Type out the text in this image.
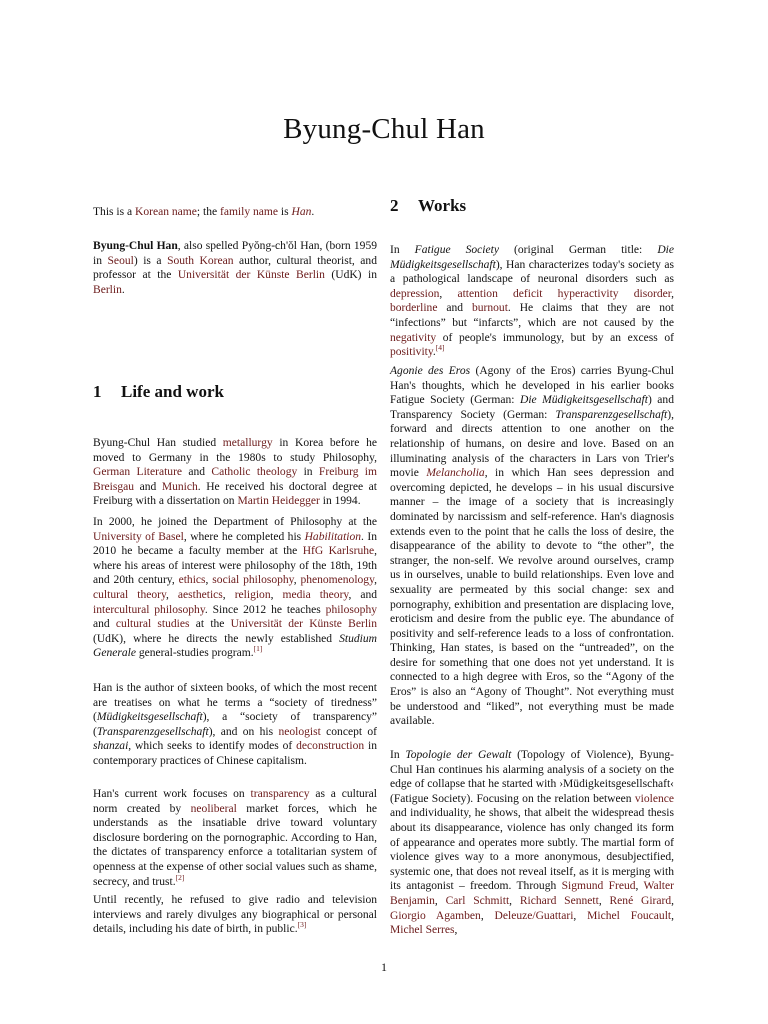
Byung-Chul Han

This is a Korean name; the family name is Han.

Byung-Chul Han, also spelled Pyŏng-ch'ŏl Han, (born 1959 in Seoul) is a South Korean author, cultural theorist, and professor at the Universität der Künste Berlin (UdK) in Berlin.

1 Life and work

Byung-Chul Han studied metallurgy in Korea before he moved to Germany in the 1980s to study Philosophy, German Literature and Catholic theology in Freiburg im Breisgau and Munich. He received his doctoral degree at Freiburg with a dissertation on Martin Heidegger in 1994.

In 2000, he joined the Department of Philosophy at the University of Basel, where he completed his Habilitation. In 2010 he became a faculty member at the HfG Karlsruhe, where his areas of interest were philosophy of the 18th, 19th and 20th century, ethics, social philosophy, phenomenology, cultural theory, aesthetics, religion, media theory, and intercultural philosophy. Since 2012 he teaches philosophy and cultural studies at the Universität der Künste Berlin (UdK), where he directs the newly established Studium Generale general-studies program.[1]

Han is the author of sixteen books, of which the most recent are treatises on what he terms a “society of tiredness” (Müdigkeitsgesellschaft), a “society of transparency” (Transparenzgesellschaft), and on his neologist concept of shanzai, which seeks to identify modes of deconstruction in contemporary practices of Chinese capitalism.

Han's current work focuses on transparency as a cultural norm created by neoliberal market forces, which he understands as the insatiable drive toward voluntary disclosure bordering on the pornographic. According to Han, the dictates of transparency enforce a totalitarian system of openness at the expense of other social values such as shame, secrecy, and trust.[2]

Until recently, he refused to give radio and television interviews and rarely divulges any biographical or personal details, including his date of birth, in public.[3]

2 Works

In Fatigue Society (original German title: Die Müdigkeitsgesellschaft), Han characterizes today's society as a pathological landscape of neuronal disorders such as depression, attention deficit hyperactivity disorder, borderline and burnout. He claims that they are not “infections” but “infarcts”, which are not caused by the negativity of people's immunology, but by an excess of positivity.[4]

Agonie des Eros (Agony of the Eros) carries Byung-Chul Han's thoughts, which he developed in his earlier books Fatigue Society (German: Die Müdigkeitsgesellschaft) and Transparency Society (German: Transparenzgesellschaft), forward and directs attention to one another on the relationship of humans, on desire and love. Based on an illuminating analysis of the characters in Lars von Trier's movie Melancholia, in which Han sees depression and overcoming depicted, he develops – in his usual discursive manner – the image of a society that is increasingly dominated by narcissism and self-reference. Han's diagnosis extends even to the point that he calls the loss of desire, the disappearance of the ability to devote to “the other”, the stranger, the non-self. We revolve around ourselves, cramp us in ourselves, unable to build relationships. Even love and sexuality are permeated by this social change: sex and pornography, exhibition and presentation are displacing love, eroticism and desire from the public eye. The abundance of positivity and self-reference leads to a loss of confrontation. Thinking, Han states, is based on the “untreaded”, on the desire for something that one does not yet understand. It is connected to a high degree with Eros, so the “Agony of the Eros” is also an “Agony of Thought”. Not everything must be understood and “liked”, not everything must be made available.

In Topologie der Gewalt (Topology of Violence), Byung-Chul Han continues his alarming analysis of a society on the edge of collapse that he started with ›Müdigkeitsgesellschaft‹ (Fatigue Society). Focusing on the relation between violence and individuality, he shows, that albeit the widespread thesis about its disappearance, violence has only changed its form of appearance and operates more subtly. The martial form of violence gives way to a more anonymous, desubjectified, systemic one, that does not reveal itself, as it is merging with its antagonist – freedom. Through Sigmund Freud, Walter Benjamin, Carl Schmitt, Richard Sennett, René Girard, Giorgio Agamben, Deleuze/Guattari, Michel Foucault, Michel Serres,

1
